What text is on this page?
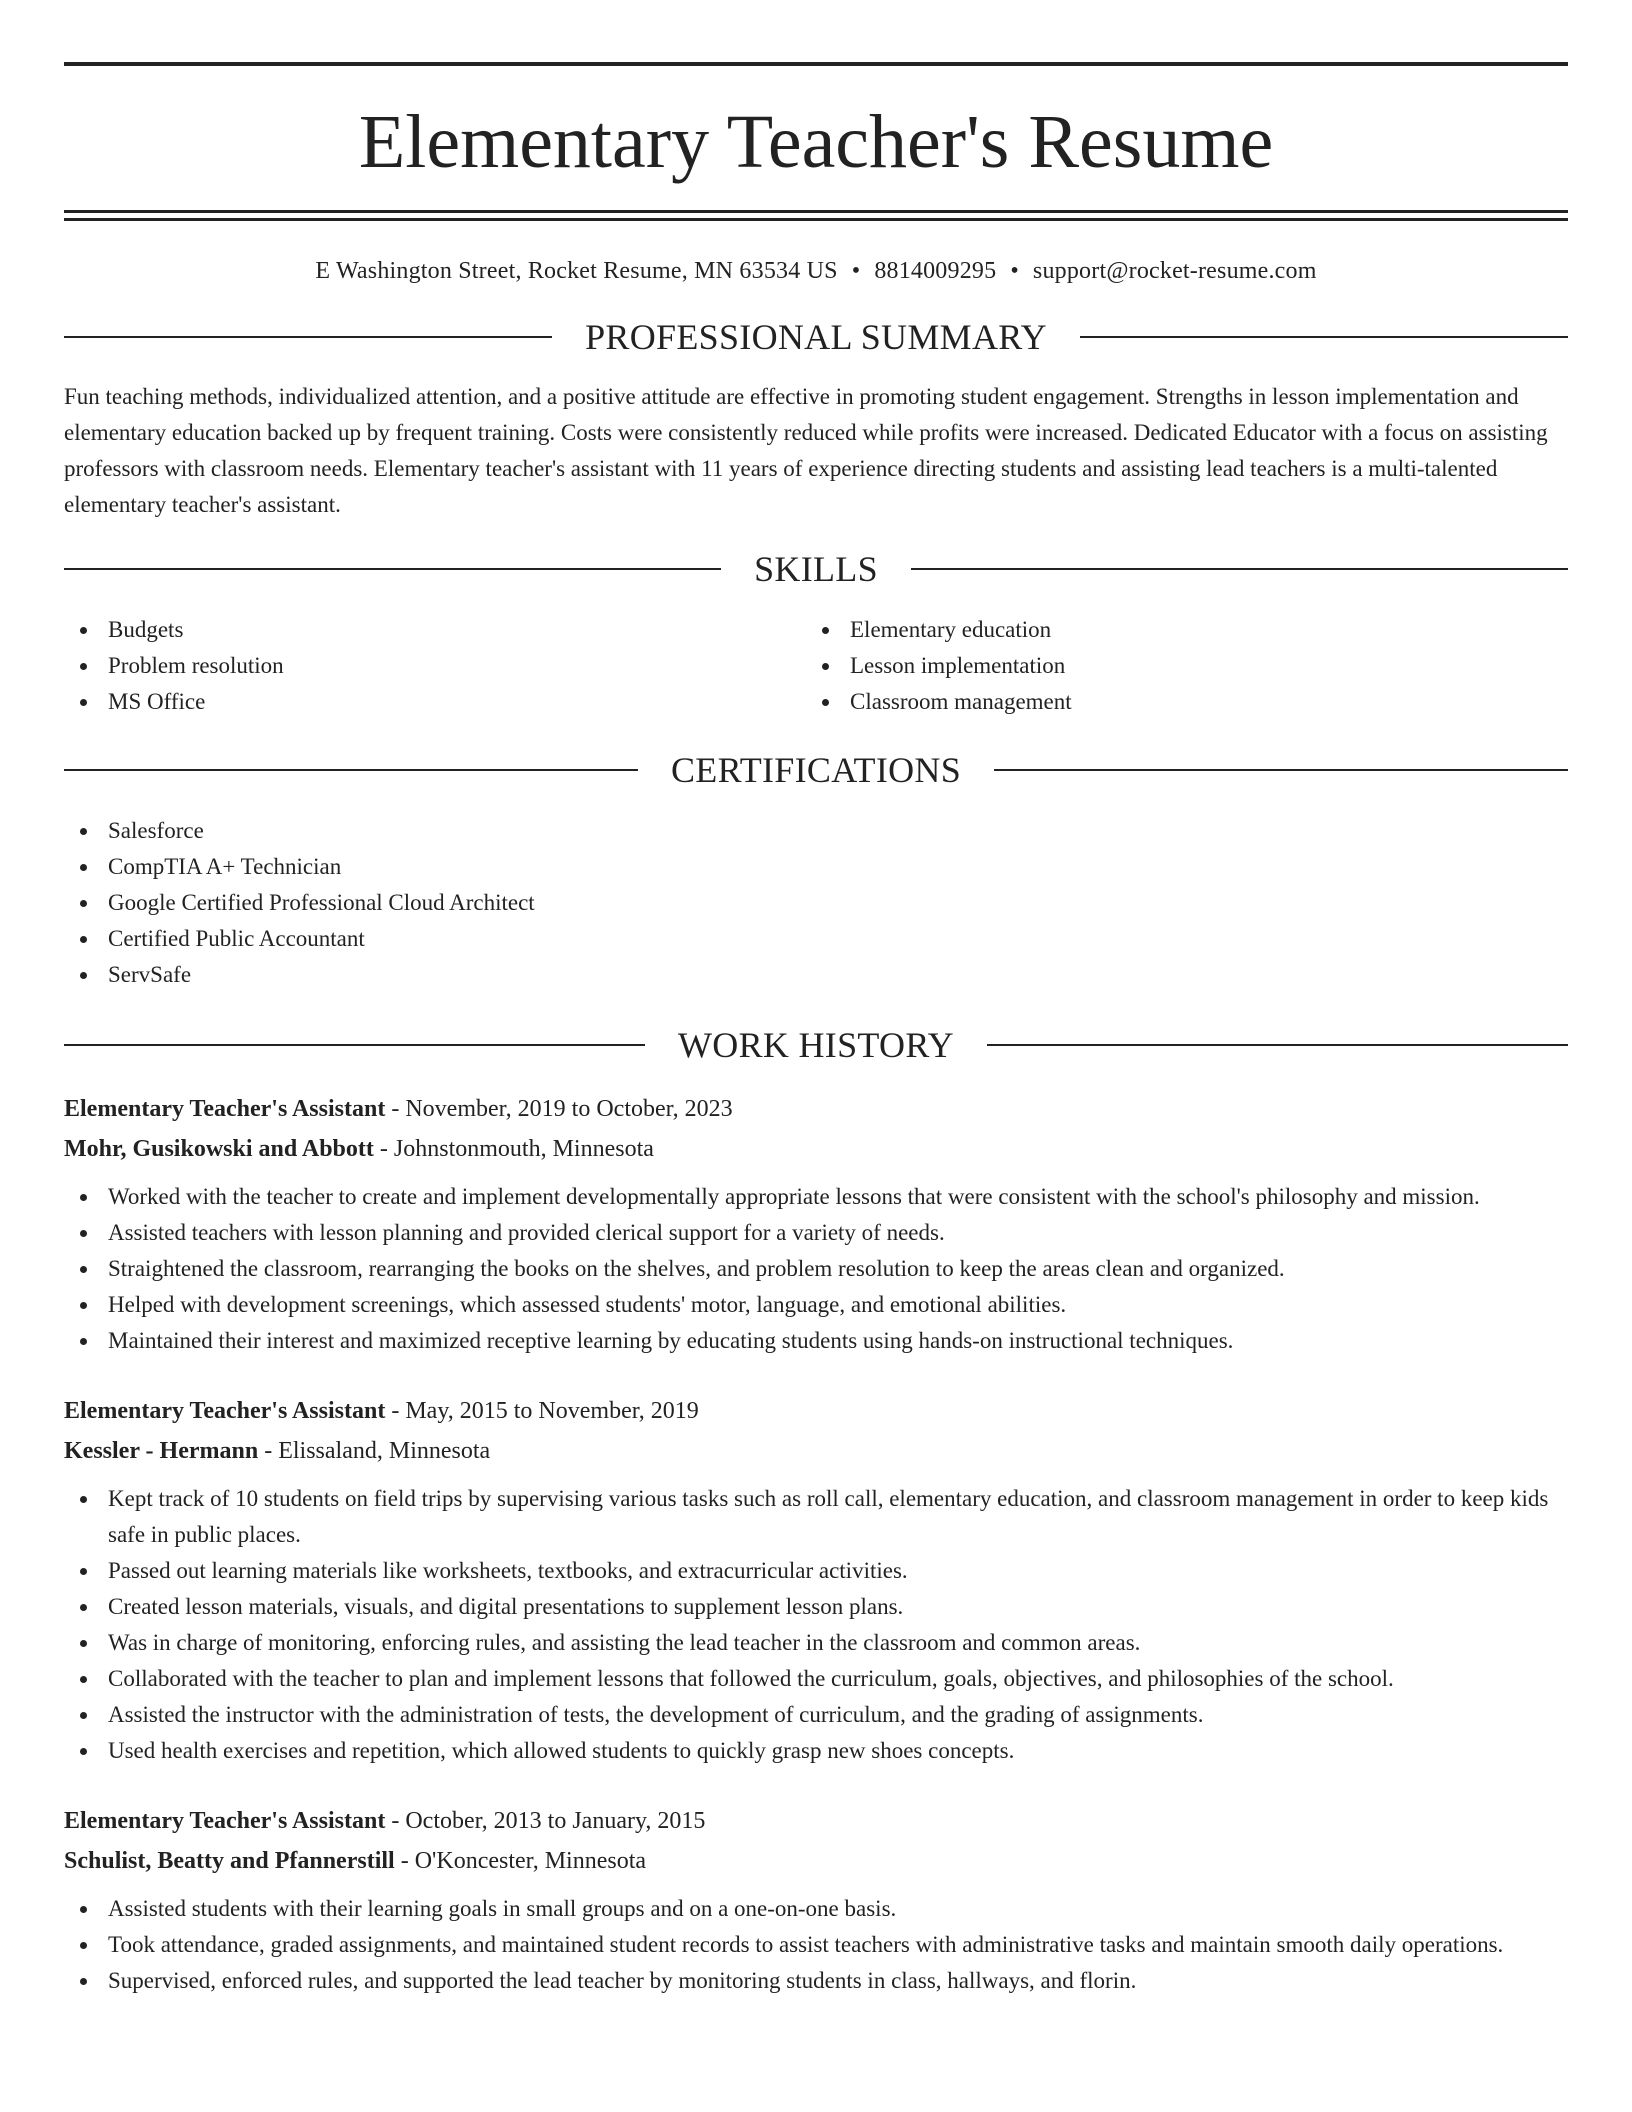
Elementary Teacher's Resume
E Washington Street, Rocket Resume, MN 63534 US • 8814009295 • support@rocket-resume.com
PROFESSIONAL SUMMARY

Fun teaching methods, individualized attention, and a positive attitude are effective in promoting student engagement. Strengths in lesson implementation and elementary education backed up by frequent training. Costs were consistently reduced while profits were increased. Dedicated Educator with a focus on assisting professors with classroom needs. Elementary teacher's assistant with 11 years of experience directing students and assisting lead teachers is a multi-talented elementary teacher's assistant.

SKILLS
Budgets
Problem resolution
MS Office
Elementary education
Lesson implementation
Classroom management
CERTIFICATIONS
Salesforce
CompTIA A+ Technician
Google Certified Professional Cloud Architect
Certified Public Accountant
ServSafe
WORK HISTORY
Elementary Teacher's Assistant - November, 2019 to October, 2023
Mohr, Gusikowski and Abbott - Johnstonmouth, Minnesota
Worked with the teacher to create and implement developmentally appropriate lessons that were consistent with the school's philosophy and mission.
Assisted teachers with lesson planning and provided clerical support for a variety of needs.
Straightened the classroom, rearranging the books on the shelves, and problem resolution to keep the areas clean and organized.
Helped with development screenings, which assessed students' motor, language, and emotional abilities.
Maintained their interest and maximized receptive learning by educating students using hands-on instructional techniques.
Elementary Teacher's Assistant - May, 2015 to November, 2019
Kessler - Hermann - Elissaland, Minnesota
Kept track of 10 students on field trips by supervising various tasks such as roll call, elementary education, and classroom management in order to keep kids safe in public places.
Passed out learning materials like worksheets, textbooks, and extracurricular activities.
Created lesson materials, visuals, and digital presentations to supplement lesson plans.
Was in charge of monitoring, enforcing rules, and assisting the lead teacher in the classroom and common areas.
Collaborated with the teacher to plan and implement lessons that followed the curriculum, goals, objectives, and philosophies of the school.
Assisted the instructor with the administration of tests, the development of curriculum, and the grading of assignments.
Used health exercises and repetition, which allowed students to quickly grasp new shoes concepts.
Elementary Teacher's Assistant - October, 2013 to January, 2015
Schulist, Beatty and Pfannerstill - O'Koncester, Minnesota
Assisted students with their learning goals in small groups and on a one-on-one basis.
Took attendance, graded assignments, and maintained student records to assist teachers with administrative tasks and maintain smooth daily operations.
Supervised, enforced rules, and supported the lead teacher by monitoring students in class, hallways, and florin.
